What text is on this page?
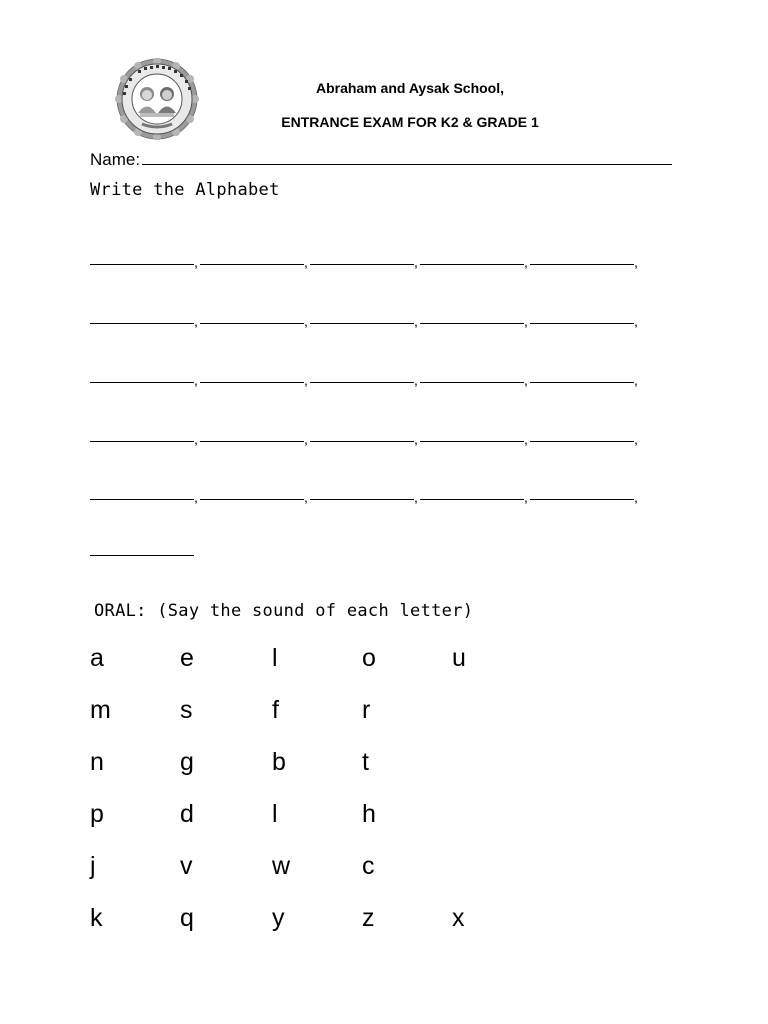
Abraham and Aysak School,
ENTRANCE EXAM FOR K2 & GRADE 1
Name:
Write the Alphabet
,	,	,	,	,
,	,	,	,	,
,	,	,	,	,
,	,	,	,	,
,	,	,	,	,
ORAL: (Say the sound of each letter)
a	e	l	o	u
m	s	f	r
n	g	b	t
p	d	l	h
j	v	w	c
k	q	y	z	x
